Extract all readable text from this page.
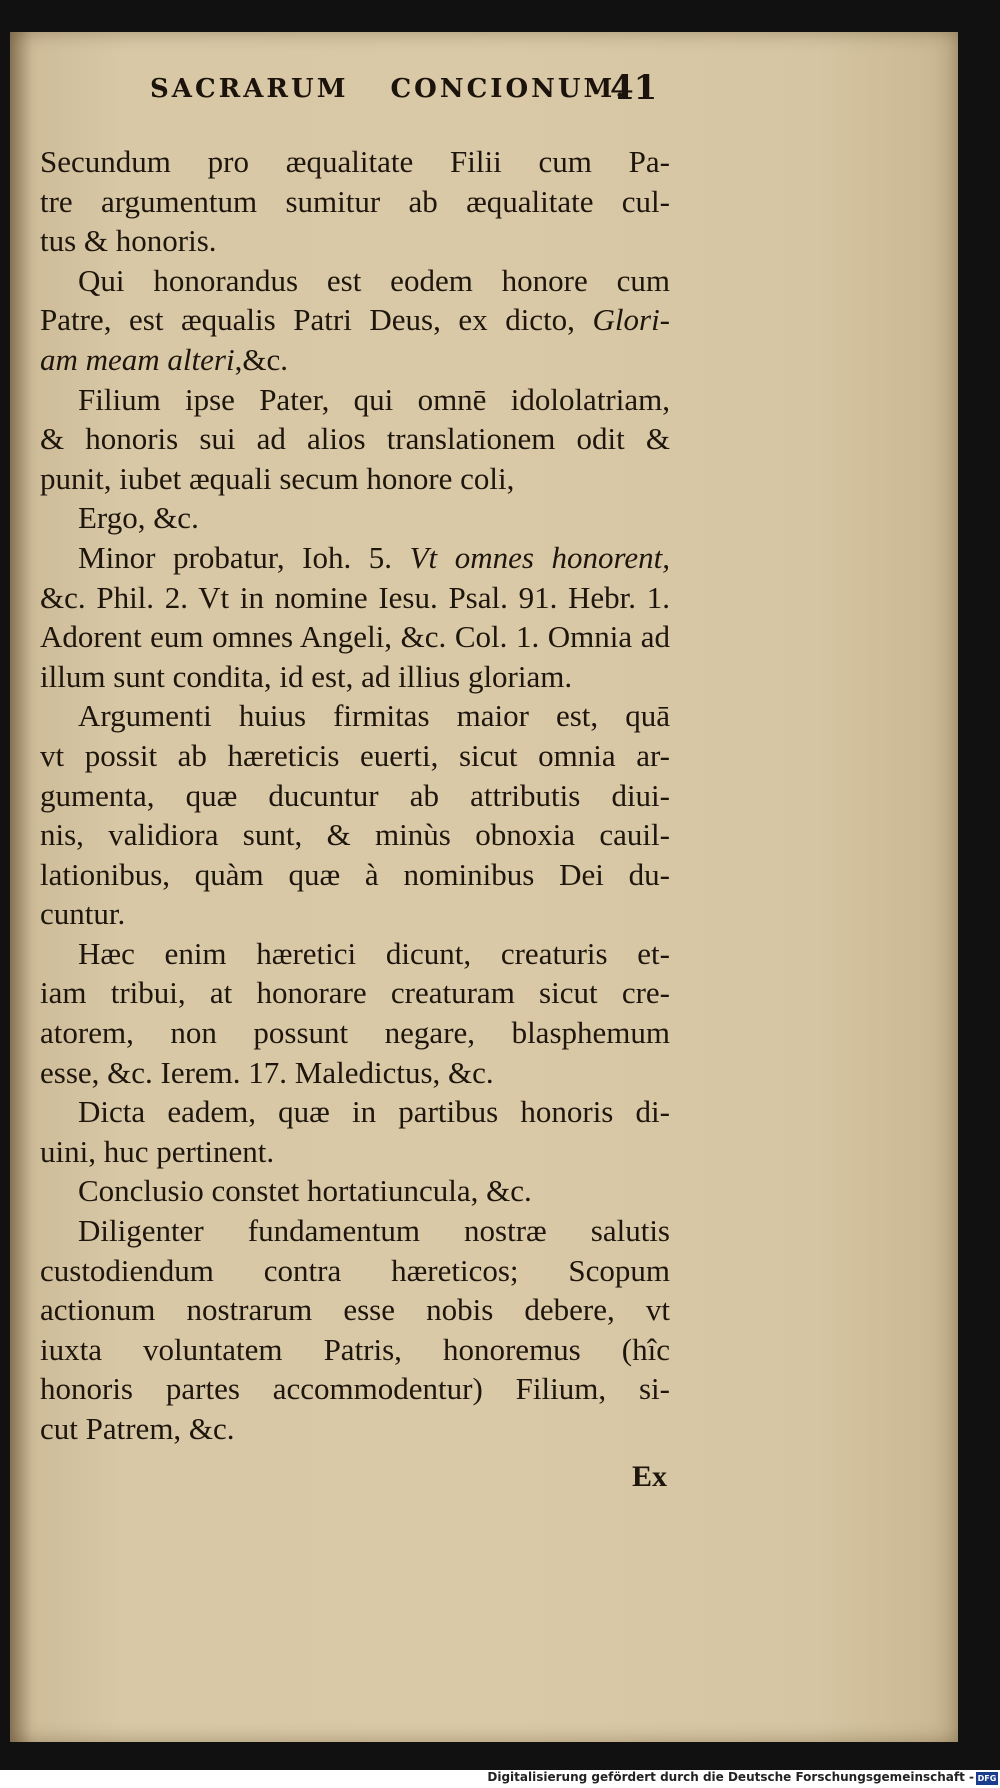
SACRARUM CONCIONUM.
41
Secundum pro æqualitate Filii cum Pa-
tre argumentum sumitur ab æqualitate cul-
tus & honoris.
Qui honorandus est eodem honore cum
Patre, est æqualis Patri Deus, ex dicto, Glori-
am meam alteri,&c.
Filium ipse Pater, qui omnē idololatriam,
& honoris sui ad alios translationem odit &
punit, iubet æquali secum honore coli,
Ergo, &c.
Minor probatur, Ioh. 5. Vt omnes honorent,
&c. Phil. 2. Vt in nomine Iesu. Psal. 91. Hebr. 1.
Adorent eum omnes Angeli, &c. Col. 1. Omnia ad
illum sunt condita, id est, ad illius gloriam.
Argumenti huius firmitas maior est, quā
vt possit ab hæreticis euerti, sicut omnia ar-
gumenta, quæ ducuntur ab attributis diui-
nis, validiora sunt, & minùs obnoxia cauil-
lationibus, quàm quæ à nominibus Dei du-
cuntur.
Hæc enim hæretici dicunt, creaturis et-
iam tribui, at honorare creaturam sicut cre-
atorem, non possunt negare, blasphemum
esse, &c. Ierem. 17. Maledictus, &c.
Dicta eadem, quæ in partibus honoris di-
uini, huc pertinent.
Conclusio constet hortatiuncula, &c.
Diligenter fundamentum nostræ salutis
custodiendum contra hæreticos; Scopum
actionum nostrarum esse nobis debere, vt
iuxta voluntatem Patris, honoremus (hîc
honoris partes accommodentur) Filium, si-
cut Patrem, &c.
Ex
Digitalisierung gefördert durch die Deutsche Forschungsgemeinschaft - DFG
